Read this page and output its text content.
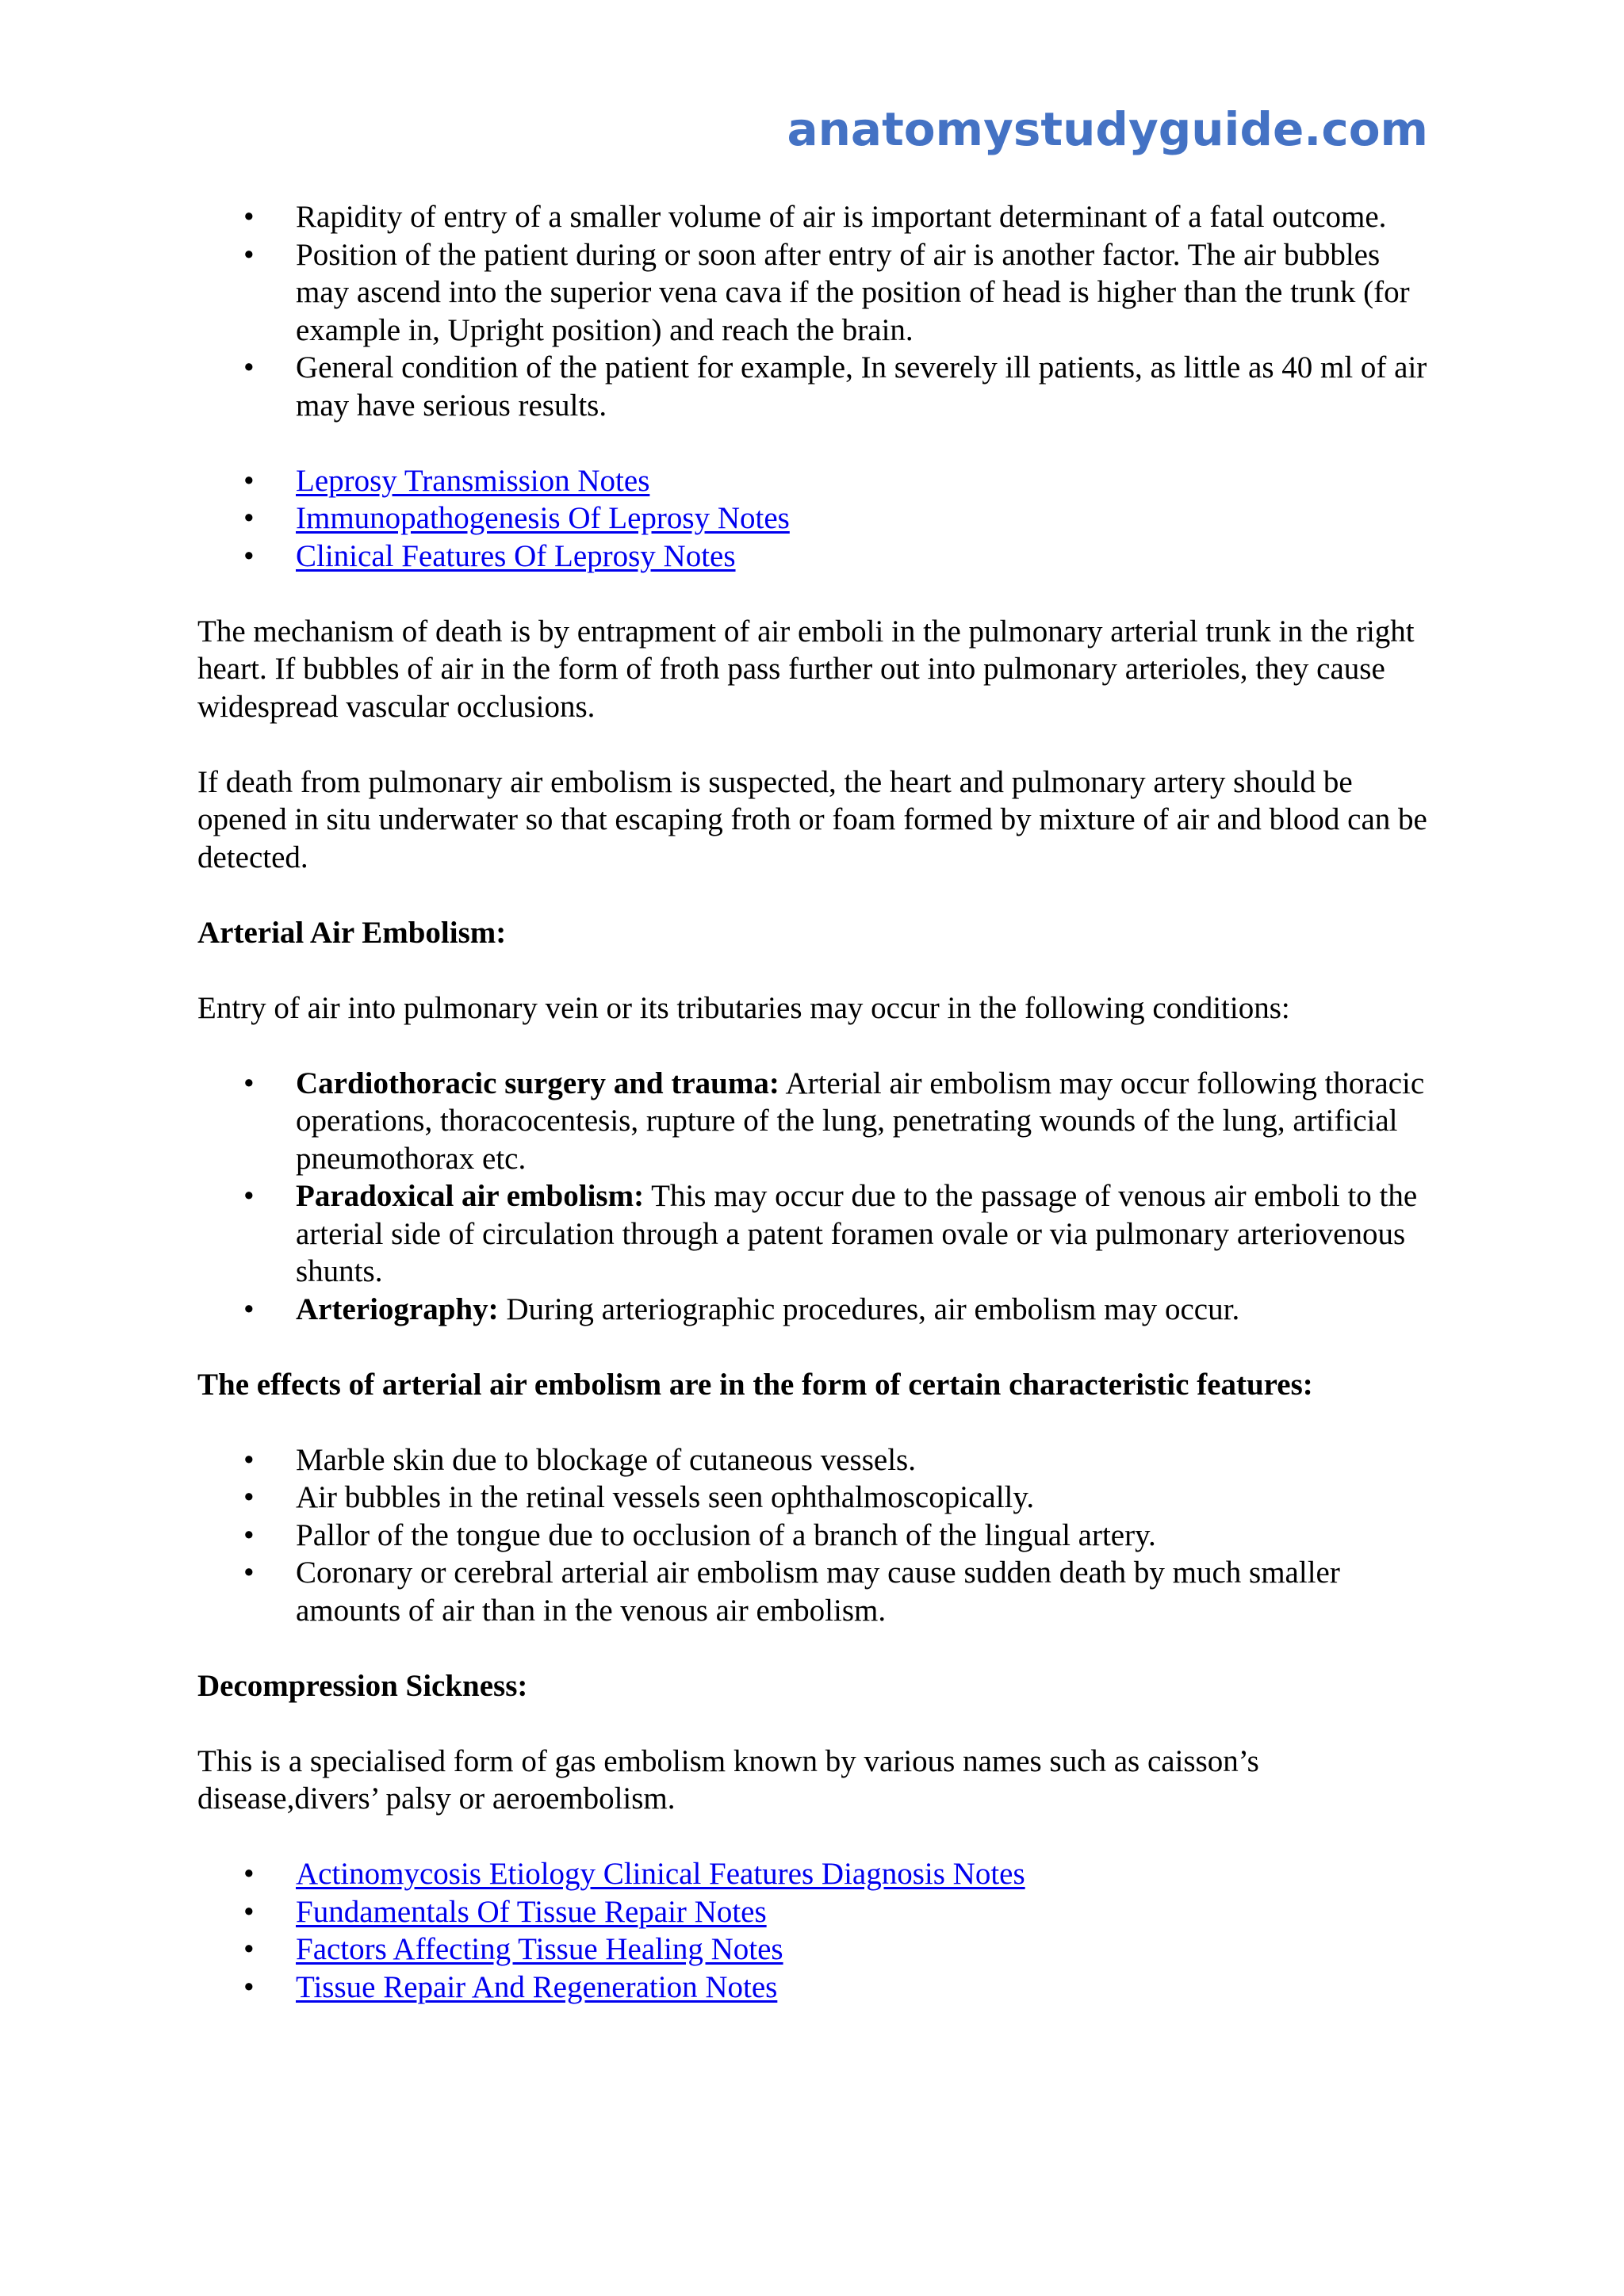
anatomystudyguide.com
• Rapidity of entry of a smaller volume of air is important determinant of a fatal outcome.
• Position of the patient during or soon after entry of air is another factor. The air bubbles may ascend into the superior vena cava if the position of head is higher than the trunk (for example in, Upright position) and reach the brain.
• General condition of the patient for example, In severely ill patients, as little as 40 ml of air may have serious results.
• Leprosy Transmission Notes
• Immunopathogenesis Of Leprosy Notes
• Clinical Features Of Leprosy Notes

The mechanism of death is by entrapment of air emboli in the pulmonary arterial trunk in the right heart. If bubbles of air in the form of froth pass further out into pulmonary arterioles, they cause widespread vascular occlusions.

If death from pulmonary air embolism is suspected, the heart and pulmonary artery should be opened in situ underwater so that escaping froth or foam formed by mixture of air and blood can be detected.

Arterial Air Embolism:

Entry of air into pulmonary vein or its tributaries may occur in the following conditions:

• Cardiothoracic surgery and trauma: Arterial air embolism may occur following thoracic operations, thoracocentesis, rupture of the lung, penetrating wounds of the lung, artificial pneumothorax etc.
• Paradoxical air embolism: This may occur due to the passage of venous air emboli to the arterial side of circulation through a patent foramen ovale or via pulmonary arteriovenous shunts.
• Arteriography: During arteriographic procedures, air embolism may occur.

The effects of arterial air embolism are in the form of certain characteristic features:

• Marble skin due to blockage of cutaneous vessels.
• Air bubbles in the retinal vessels seen ophthalmoscopically.
• Pallor of the tongue due to occlusion of a branch of the lingual artery.
• Coronary or cerebral arterial air embolism may cause sudden death by much smaller amounts of air than in the venous air embolism.

Decompression Sickness:

This is a specialised form of gas embolism known by various names such as caisson’s disease,divers’ palsy or aeroembolism.

• Actinomycosis Etiology Clinical Features Diagnosis Notes
• Fundamentals Of Tissue Repair Notes
• Factors Affecting Tissue Healing Notes
• Tissue Repair And Regeneration Notes
